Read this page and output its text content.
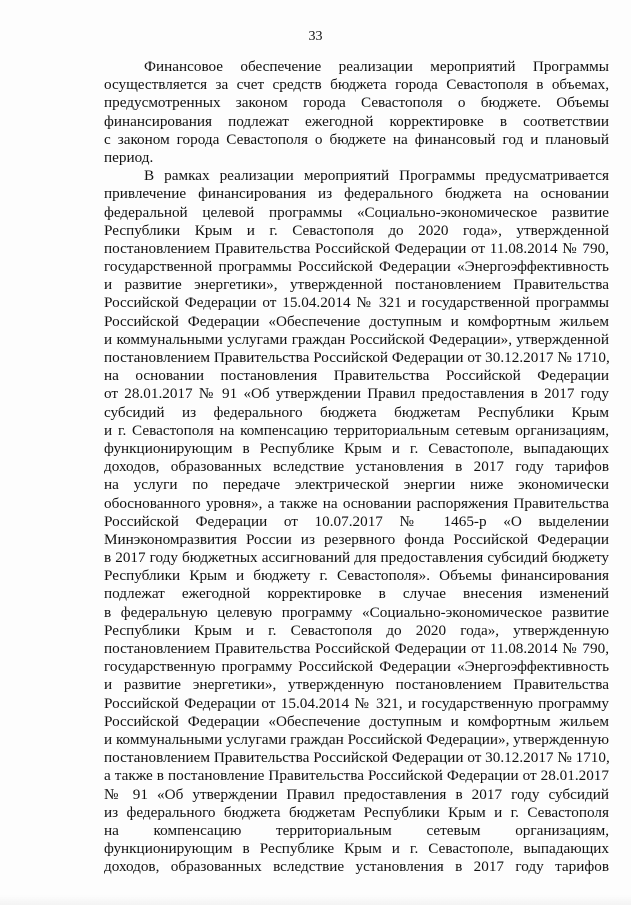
33
Финансовое обеспечение реализации мероприятий Программы
осуществляется за счет средств бюджета города Севастополя в объемах,
предусмотренных законом города Севастополя о бюджете. Объемы
финансирования подлежат ежегодной корректировке в соответствии
с законом города Севастополя о бюджете на финансовый год и плановый
период.
В рамках реализации мероприятий Программы предусматривается
привлечение финансирования из федерального бюджета на основании
федеральной целевой программы «Социально-экономическое развитие
Республики Крым и г. Севастополя до 2020 года», утвержденной
постановлением Правительства Российской Федерации от 11.08.2014 № 790,
государственной программы Российской Федерации «Энергоэффективность
и развитие энергетики», утвержденной постановлением Правительства
Российской Федерации от 15.04.2014 № 321 и государственной программы
Российской Федерации «Обеспечение доступным и комфортным жильем
и коммунальными услугами граждан Российской Федерации», утвержденной
постановлением Правительства Российской Федерации от 30.12.2017 № 1710,
на основании постановления Правительства Российской Федерации
от 28.01.2017 № 91 «Об утверждении Правил предоставления в 2017 году
субсидий из федерального бюджета бюджетам Республики Крым
и г. Севастополя на компенсацию территориальным сетевым организациям,
функционирующим в Республике Крым и г. Севастополе, выпадающих
доходов, образованных вследствие установления в 2017 году тарифов
на услуги по передаче электрической энергии ниже экономически
обоснованного уровня», а также на основании распоряжения Правительства
Российской Федерации от 10.07.2017 № 1465-р «О выделении
Минэкономразвития России из резервного фонда Российской Федерации
в 2017 году бюджетных ассигнований для предоставления субсидий бюджету
Республики Крым и бюджету г. Севастополя». Объемы финансирования
подлежат ежегодной корректировке в случае внесения изменений
в федеральную целевую программу «Социально-экономическое развитие
Республики Крым и г. Севастополя до 2020 года», утвержденную
постановлением Правительства Российской Федерации от 11.08.2014 № 790,
государственную программу Российской Федерации «Энергоэффективность
и развитие энергетики», утвержденную постановлением Правительства
Российской Федерации от 15.04.2014 № 321, и государственную программу
Российской Федерации «Обеспечение доступным и комфортным жильем
и коммунальными услугами граждан Российской Федерации», утвержденную
постановлением Правительства Российской Федерации от 30.12.2017 № 1710,
а также в постановление Правительства Российской Федерации от 28.01.2017
№ 91 «Об утверждении Правил предоставления в 2017 году субсидий
из федерального бюджета бюджетам Республики Крым и г. Севастополя
на компенсацию территориальным сетевым организациям,
функционирующим в Республике Крым и г. Севастополе, выпадающих
доходов, образованных вследствие установления в 2017 году тарифов
